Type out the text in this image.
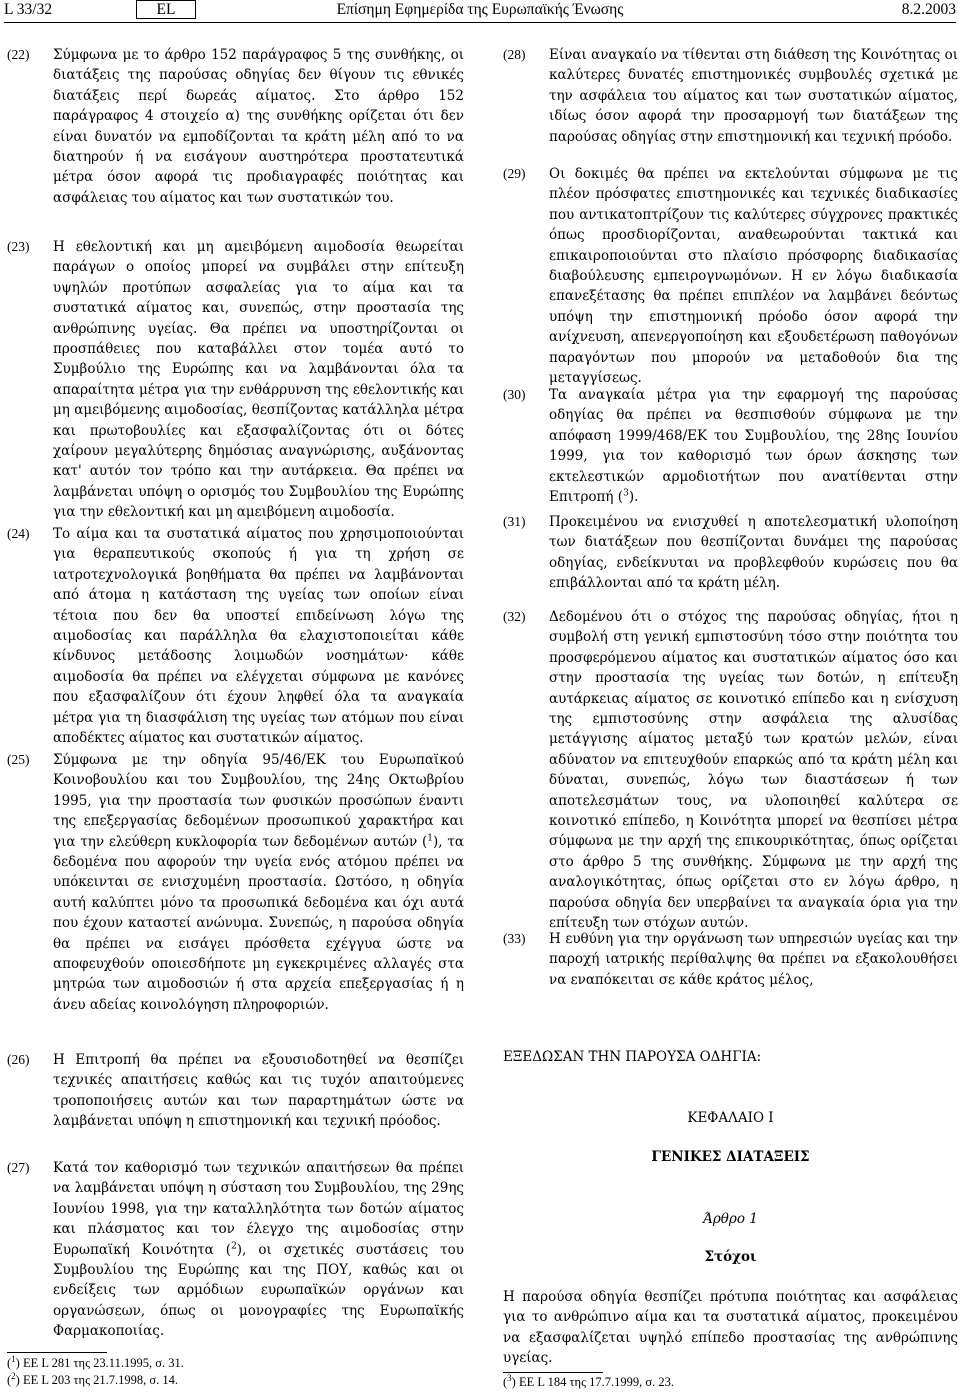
L 33/32	EL	Επίσημη Εφημερίδα της Ευρωπαϊκής Ένωσης	8.2.2003
(22) Σύμφωνα με το άρθρο 152 παράγραφος 5 της συνθήκης, οι διατάξεις της παρούσας οδηγίας δεν θίγουν τις εθνικές διατάξεις περί δωρεάς αίματος. Στο άρθρο 152 παράγραφος 4 στοιχείο α) της συνθήκης ορίζεται ότι δεν είναι δυνατόν να εμποδίζονται τα κράτη μέλη από το να διατηρούν ή να εισάγουν αυστηρότερα προστατευτικά μέτρα όσον αφορά τις προδιαγραφές ποιότητας και ασφάλειας του αίματος και των συστατικών του.
(23) Η εθελοντική και μη αμειβόμενη αιμοδοσία θεωρείται παράγων ο οποίος μπορεί να συμβάλει στην επίτευξη υψηλών προτύπων ασφαλείας για το αίμα και τα συστατικά αίματος και, συνεπώς, στην προστασία της ανθρώπινης υγείας. Θα πρέπει να υποστηρίζονται οι προσπάθειες που καταβάλλει στον τομέα αυτό το Συμβούλιο της Ευρώπης και να λαμβάνονται όλα τα απαραίτητα μέτρα για την ενθάρρυνση της εθελοντικής και μη αμειβόμενης αιμοδοσίας, θεσπίζοντας κατάλληλα μέτρα και πρωτοβουλίες και εξασφαλίζοντας ότι οι δότες χαίρουν μεγαλύτερης δημόσιας αναγνώρισης, αυξάνοντας κατ' αυτόν τον τρόπο και την αυτάρκεια. Θα πρέπει να λαμβάνεται υπόψη ο ορισμός του Συμβουλίου της Ευρώπης για την εθελοντική και μη αμειβόμενη αιμοδοσία.
(24) Το αίμα και τα συστατικά αίματος που χρησιμοποιούνται για θεραπευτικούς σκοπούς ή για τη χρήση σε ιατροτεχνολογικά βοηθήματα θα πρέπει να λαμβάνονται από άτομα η κατάσταση της υγείας των οποίων είναι τέτοια που δεν θα υποστεί επιδείνωση λόγω της αιμοδοσίας και παράλληλα θα ελαχιστοποιείται κάθε κίνδυνος μετάδοσης λοιμωδών νοσημάτων· κάθε αιμοδοσία θα πρέπει να ελέγχεται σύμφωνα με κανόνες που εξασφαλίζουν ότι έχουν ληφθεί όλα τα αναγκαία μέτρα για τη διασφάλιση της υγείας των ατόμων που είναι αποδέκτες αίματος και συστατικών αίματος.
(25) Σύμφωνα με την οδηγία 95/46/ΕΚ του Ευρωπαϊκού Κοινοβουλίου και του Συμβουλίου, της 24ης Οκτωβρίου 1995, για την προστασία των φυσικών προσώπων έναντι της επεξεργασίας δεδομένων προσωπικού χαρακτήρα και για την ελεύθερη κυκλοφορία των δεδομένων αυτών ($^1$), τα δεδομένα που αφορούν την υγεία ενός ατόμου πρέπει να υπόκεινται σε ενισχυμένη προστασία. Ωστόσο, η οδηγία αυτή καλύπτει μόνο τα προσωπικά δεδομένα και όχι αυτά που έχουν καταστεί ανώνυμα. Συνεπώς, η παρούσα οδηγία θα πρέπει να εισάγει πρόσθετα εχέγγυα ώστε να αποφευχθούν οποιεσδήποτε μη εγκεκριμένες αλλαγές στα μητρώα των αιμοδοσιών ή στα αρχεία επεξεργασίας ή η άνευ αδείας κοινολόγηση πληροφοριών.
(26) Η Επιτροπή θα πρέπει να εξουσιοδοτηθεί να θεσπίζει τεχνικές απαιτήσεις καθώς και τις τυχόν απαιτούμενες τροποποιήσεις αυτών και των παραρτημάτων ώστε να λαμβάνεται υπόψη η επιστημονική και τεχνική πρόοδος.
(27) Κατά τον καθορισμό των τεχνικών απαιτήσεων θα πρέπει να λαμβάνεται υπόψη η σύσταση του Συμβουλίου, της 29ης Ιουνίου 1998, για την καταλληλότητα των δοτών αίματος και πλάσματος και τον έλεγχο της αιμοδοσίας στην Ευρωπαϊκή Κοινότητα ($^2$), οι σχετικές συστάσεις του Συμβουλίου της Ευρώπης και της ΠΟΥ, καθώς και οι ενδείξεις των αρμόδιων ευρωπαϊκών οργάνων και οργανώσεων, όπως οι μονογραφίες της Ευρωπαϊκής Φαρμακοποιίας.
($^1$) ΕΕ L 281 της 23.11.1995, σ. 31.
($^2$) ΕΕ L 203 της 21.7.1998, σ. 14.
(28) Είναι αναγκαίο να τίθενται στη διάθεση της Κοινότητας οι καλύτερες δυνατές επιστημονικές συμβουλές σχετικά με την ασφάλεια του αίματος και των συστατικών αίματος, ιδίως όσον αφορά την προσαρμογή των διατάξεων της παρούσας οδηγίας στην επιστημονική και τεχνική πρόοδο.
(29) Οι δοκιμές θα πρέπει να εκτελούνται σύμφωνα με τις πλέον πρόσφατες επιστημονικές και τεχνικές διαδικασίες που αντικατοπτρίζουν τις καλύτερες σύγχρονες πρακτικές όπως προσδιορίζονται, αναθεωρούνται τακτικά και επικαιροποιούνται στο πλαίσιο πρόσφορης διαδικασίας διαβούλευσης εμπειρογνωμόνων. Η εν λόγω διαδικασία επανεξέτασης θα πρέπει επιπλέον να λαμβάνει δεόντως υπόψη την επιστημονική πρόοδο όσον αφορά την ανίχνευση, απενεργοποίηση και εξουδετέρωση παθογόνων παραγόντων που μπορούν να μεταδοθούν δια της μεταγγίσεως.
(30) Τα αναγκαία μέτρα για την εφαρμογή της παρούσας οδηγίας θα πρέπει να θεσπισθούν σύμφωνα με την απόφαση 1999/468/ΕΚ του Συμβουλίου, της 28ης Ιουνίου 1999, για τον καθορισμό των όρων άσκησης των εκτελεστικών αρμοδιοτήτων που ανατίθενται στην Επιτροπή ($^3$).
(31) Προκειμένου να ενισχυθεί η αποτελεσματική υλοποίηση των διατάξεων που θεσπίζονται δυνάμει της παρούσας οδηγίας, ενδείκνυται να προβλεφθούν κυρώσεις που θα επιβάλλονται από τα κράτη μέλη.
(32) Δεδομένου ότι ο στόχος της παρούσας οδηγίας, ήτοι η συμβολή στη γενική εμπιστοσύνη τόσο στην ποιότητα του προσφερόμενου αίματος και συστατικών αίματος όσο και στην προστασία της υγείας των δοτών, η επίτευξη αυτάρκειας αίματος σε κοινοτικό επίπεδο και η ενίσχυση της εμπιστοσύνης στην ασφάλεια της αλυσίδας μετάγγισης αίματος μεταξύ των κρατών μελών, είναι αδύνατον να επιτευχθούν επαρκώς από τα κράτη μέλη και δύναται, συνεπώς, λόγω των διαστάσεων ή των αποτελεσμάτων τους, να υλοποιηθεί καλύτερα σε κοινοτικό επίπεδο, η Κοινότητα μπορεί να θεσπίσει μέτρα σύμφωνα με την αρχή της επικουρικότητας, όπως ορίζεται στο άρθρο 5 της συνθήκης. Σύμφωνα με την αρχή της αναλογικότητας, όπως ορίζεται στο εν λόγω άρθρο, η παρούσα οδηγία δεν υπερβαίνει τα αναγκαία όρια για την επίτευξη των στόχων αυτών.
(33) Η ευθύνη για την οργάνωση των υπηρεσιών υγείας και την παροχή ιατρικής περίθαλψης θα πρέπει να εξακολουθήσει να εναπόκειται σε κάθε κράτος μέλος,
ΕΞΕΔΩΣΑΝ ΤΗΝ ΠΑΡΟΥΣΑ ΟΔΗΓΙΑ:
ΚΕΦΑΛΑΙΟ I
ΓΕΝΙΚΕΣ ΔΙΑΤΑΞΕΙΣ
Άρθρο 1
Στόχοι
Η παρούσα οδηγία θεσπίζει πρότυπα ποιότητας και ασφάλειας για το ανθρώπινο αίμα και τα συστατικά αίματος, προκειμένου να εξασφαλίζεται υψηλό επίπεδο προστασίας της ανθρώπινης υγείας.
($^3$) ΕΕ L 184 της 17.7.1999, σ. 23.
